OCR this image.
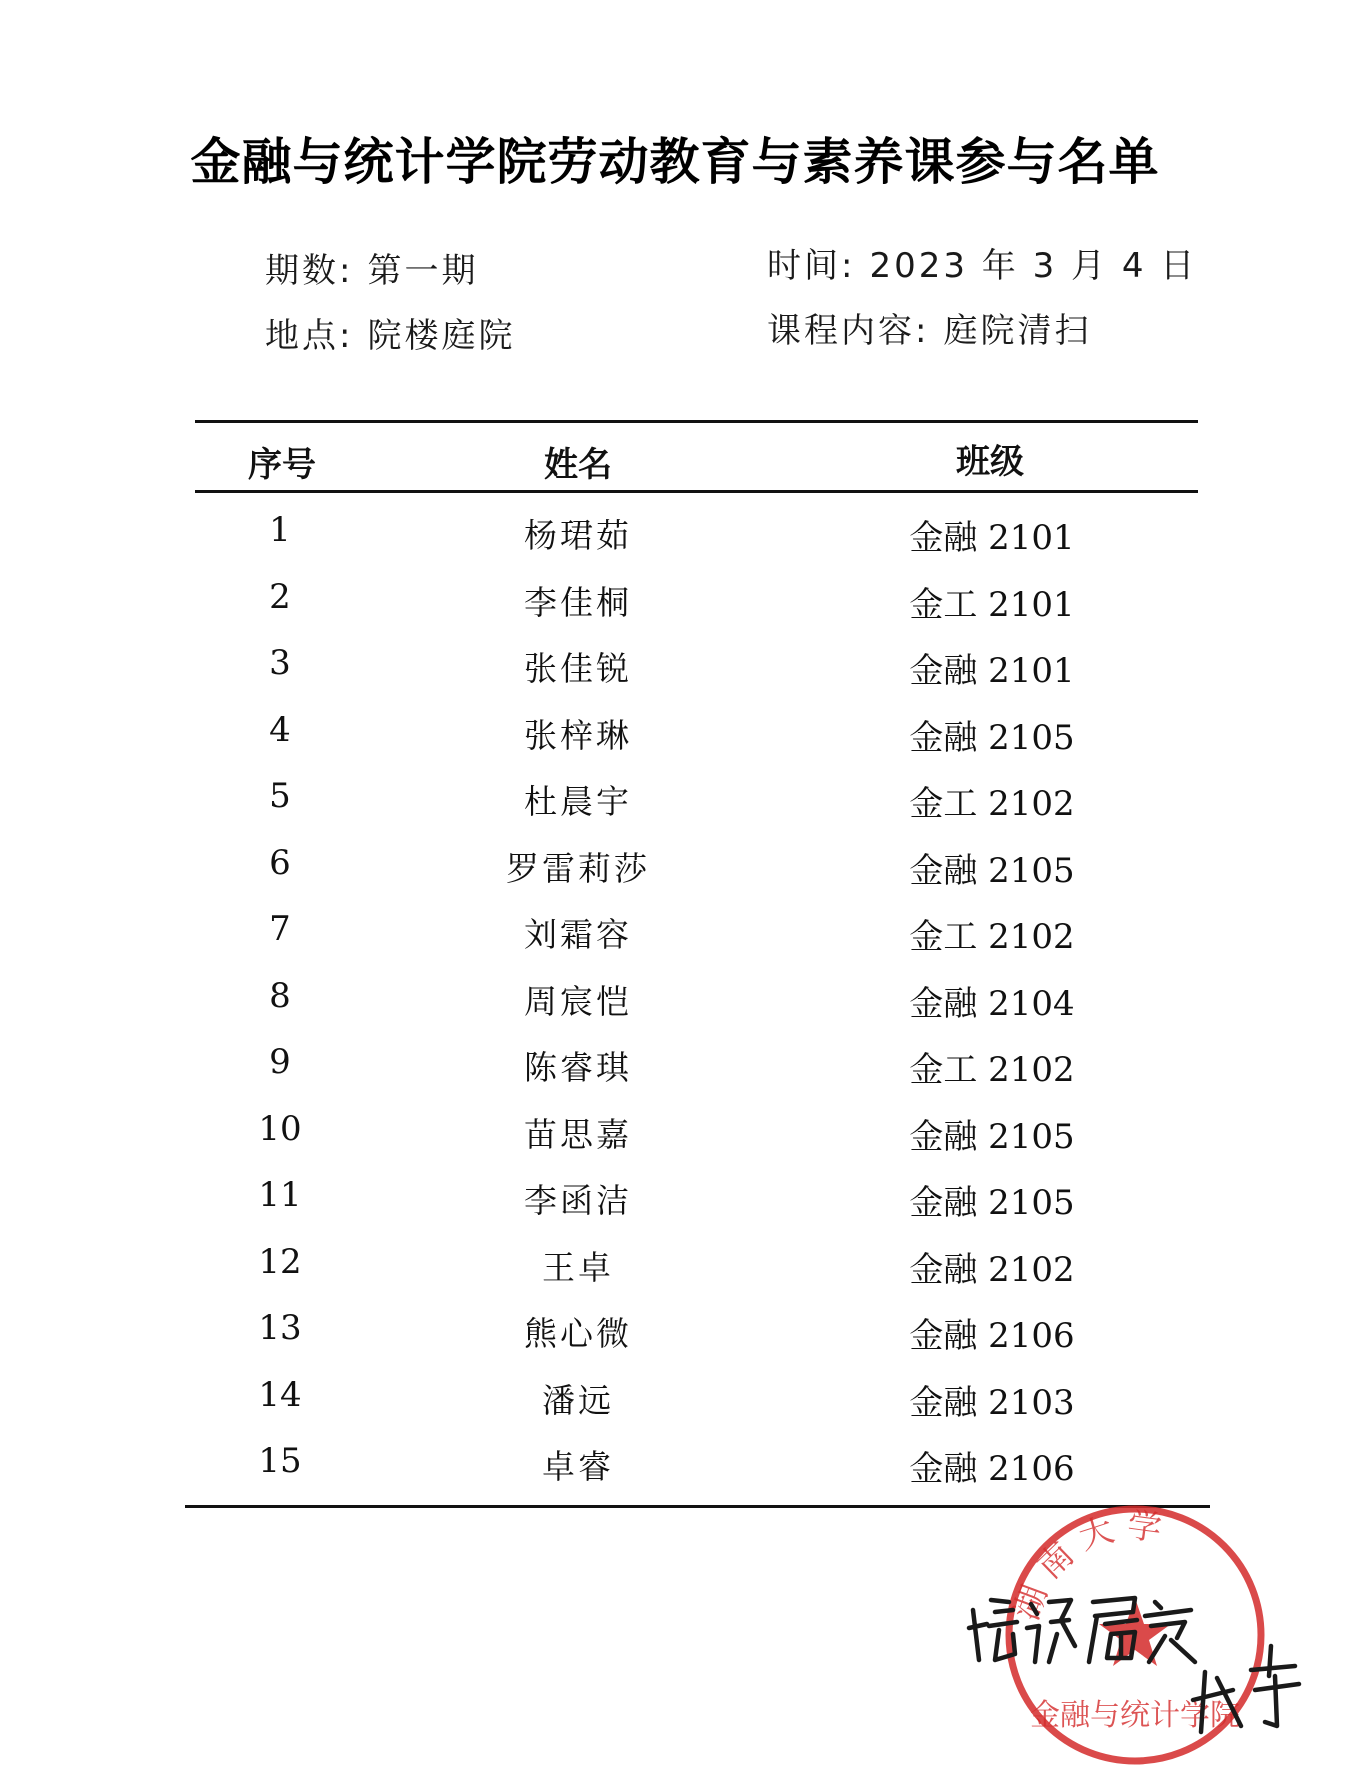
金融与统计学院劳动教育与素养课参与名单
期数: 第一期	时间: 2023 年 3 月 4 日
地点: 院楼庭院	课程内容: 庭院清扫
序号	姓名	班级
1	杨珺茹	金融 2101
2	李佳桐	金工 2101
3	张佳锐	金融 2101
4	张梓琳	金融 2105
5	杜晨宇	金工 2102
6	罗雷莉莎	金融 2105
7	刘霜容	金工 2102
8	周宸恺	金融 2104
9	陈睿琪	金工 2102
10	苗思嘉	金融 2105
11	李函洁	金融 2105
12	王卓	金融 2102
13	熊心微	金融 2106
14	潘远	金融 2103
15	卓睿	金融 2106
湖南大学
金融与统计学院
